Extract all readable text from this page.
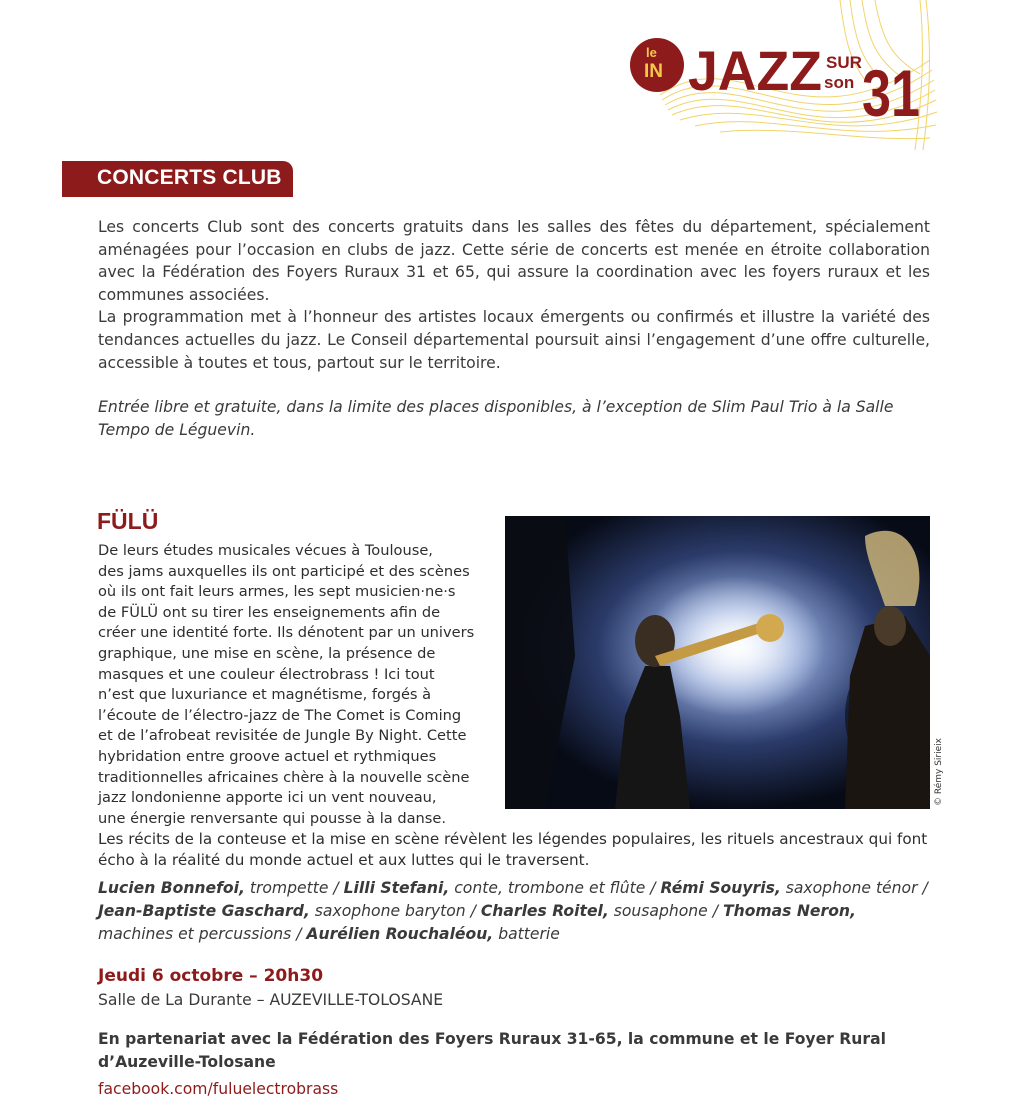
le
IN JAZZ SUR
son 31
CONCERTS CLUB

Les concerts Club sont des concerts gratuits dans les salles des fêtes du département, spécialement aménagées pour l’occasion en clubs de jazz. Cette série de concerts est menée en étroite collaboration avec la Fédération des Foyers Ruraux 31 et 65, qui assure la coordination avec les foyers ruraux et les communes associées.

La programmation met à l’honneur des artistes locaux émergents ou confirmés et illustre la variété des tendances actuelles du jazz. Le Conseil départemental poursuit ainsi l’engagement d’une offre culturelle, accessible à toutes et tous, partout sur le territoire.

Entrée libre et gratuite, dans la limite des places disponibles, à l’exception de Slim Paul Trio à la Salle Tempo de Léguevin.
FÜLÜ
De leurs études musicales vécues à Toulouse,
des jams auxquelles ils ont participé et des scènes
où ils ont fait leurs armes, les sept musicien·ne·s
de FÜLÜ ont su tirer les enseignements afin de
créer une identité forte. Ils dénotent par un univers
graphique, une mise en scène, la présence de
masques et une couleur électrobrass ! Ici tout
n’est que luxuriance et magnétisme, forgés à
l’écoute de l’électro-jazz de The Comet is Coming
et de l’afrobeat revisitée de Jungle By Night. Cette
hybridation entre groove actuel et rythmiques
traditionnelles africaines chère à la nouvelle scène
jazz londonienne apporte ici un vent nouveau,
une énergie renversante qui pousse à la danse.
Les récits de la conteuse et la mise en scène révèlent les légendes populaires, les rituels ancestraux qui font
écho à la réalité du monde actuel et aux luttes qui le traversent.
© Rémy Sirieix
Lucien Bonnefoi, trompette / Lilli Stefani, conte, trombone et flûte / Rémi Souyris, saxophone ténor / Jean-Baptiste Gaschard, saxophone baryton / Charles Roitel, sousaphone / Thomas Neron, machines et percussions / Aurélien Rouchaléou, batterie
Jeudi 6 octobre – 20h30
Salle de La Durante – AUZEVILLE-TOLOSANE
En partenariat avec la Fédération des Foyers Ruraux 31-65, la commune et le Foyer Rural d’Auzeville-Tolosane
facebook.com/fuluelectrobrass
